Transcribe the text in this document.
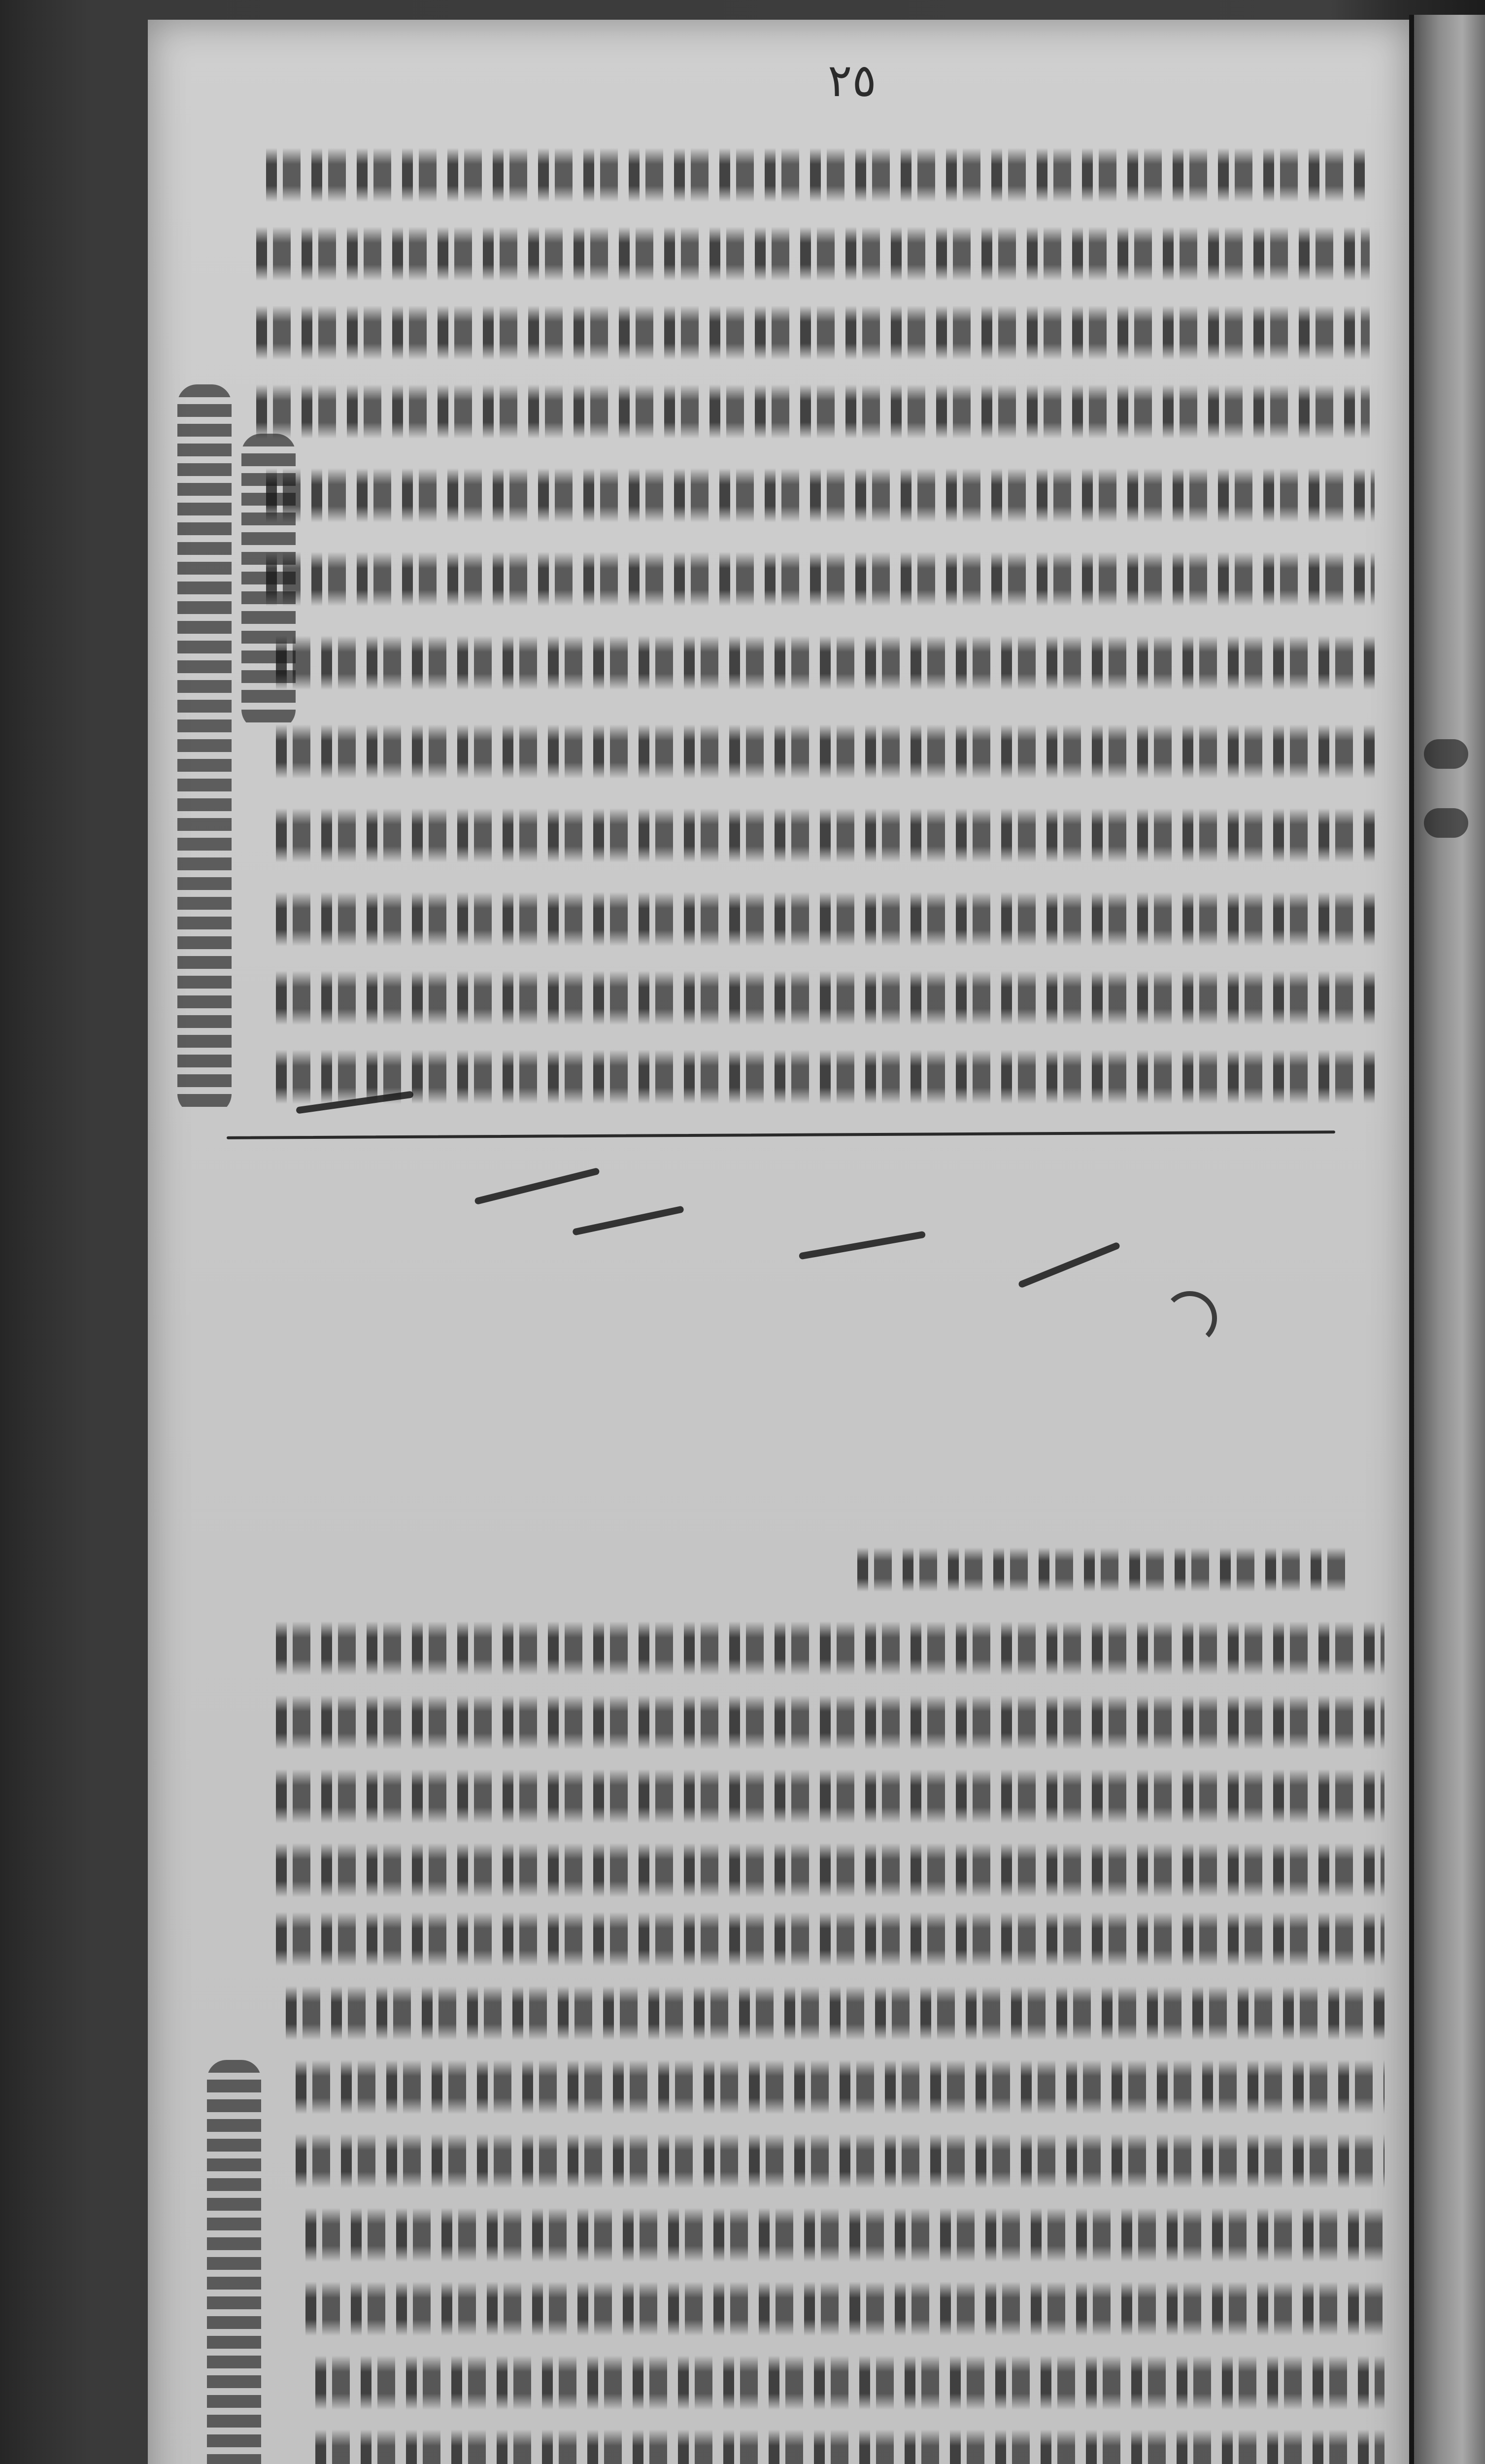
٢٥
